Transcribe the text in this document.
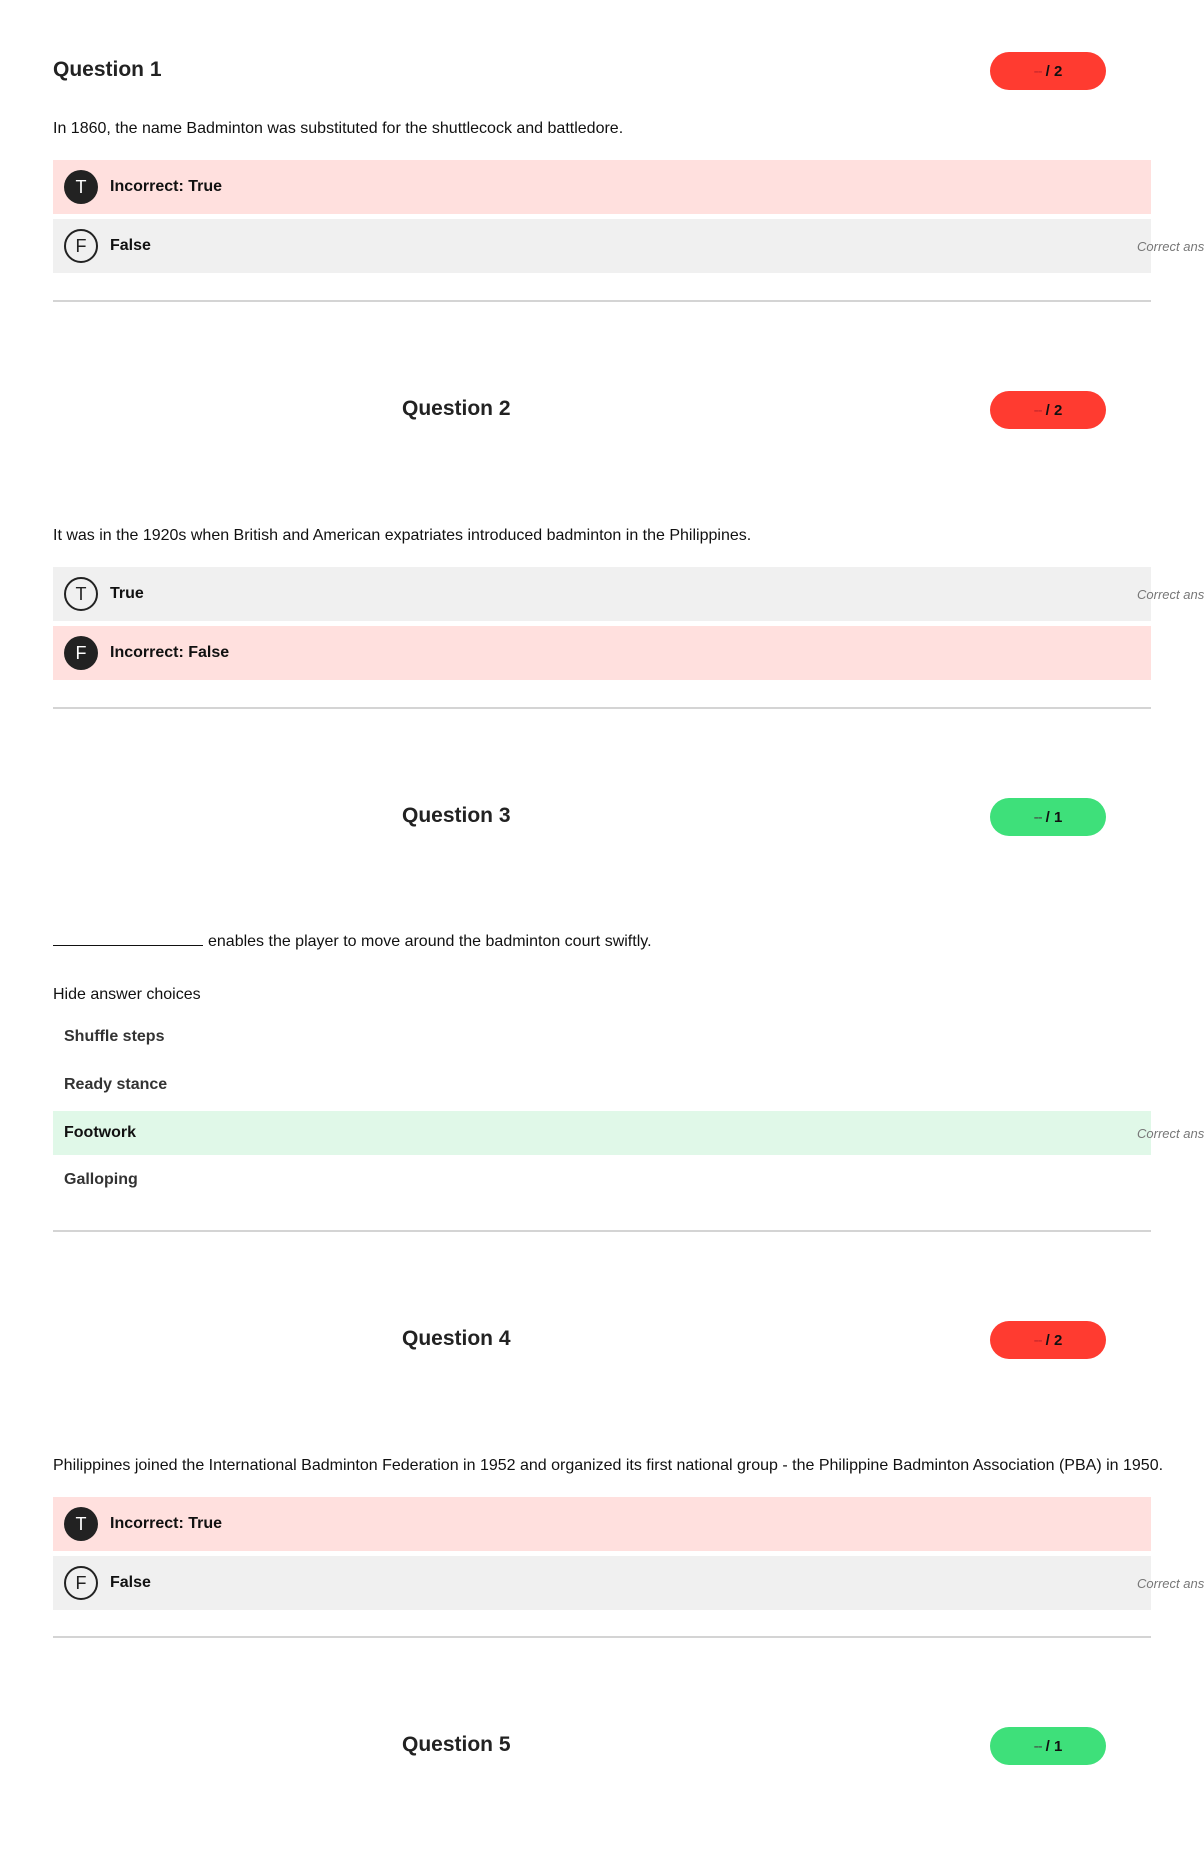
Question 1	-- / 2

In 1860, the name Badminton was substituted for the shuttlecock and battledore.

T	Incorrect: True
F	False	Correct ans
Question 2	-- / 2

It was in the 1920s when British and American expatriates introduced badminton in the Philippines.

T	True	Correct ans
F	Incorrect: False
Question 3	-- / 1

enables the player to move around the badminton court swiftly.

Hide answer choices

Shuffle steps
Ready stance
Footwork	Correct ans
Galloping
Question 4	-- / 2

Philippines joined the International Badminton Federation in 1952 and organized its first national group - the Philippine Badminton Association (PBA) in 1950.

T	Incorrect: True
F	False	Correct ans
Question 5	-- / 1
